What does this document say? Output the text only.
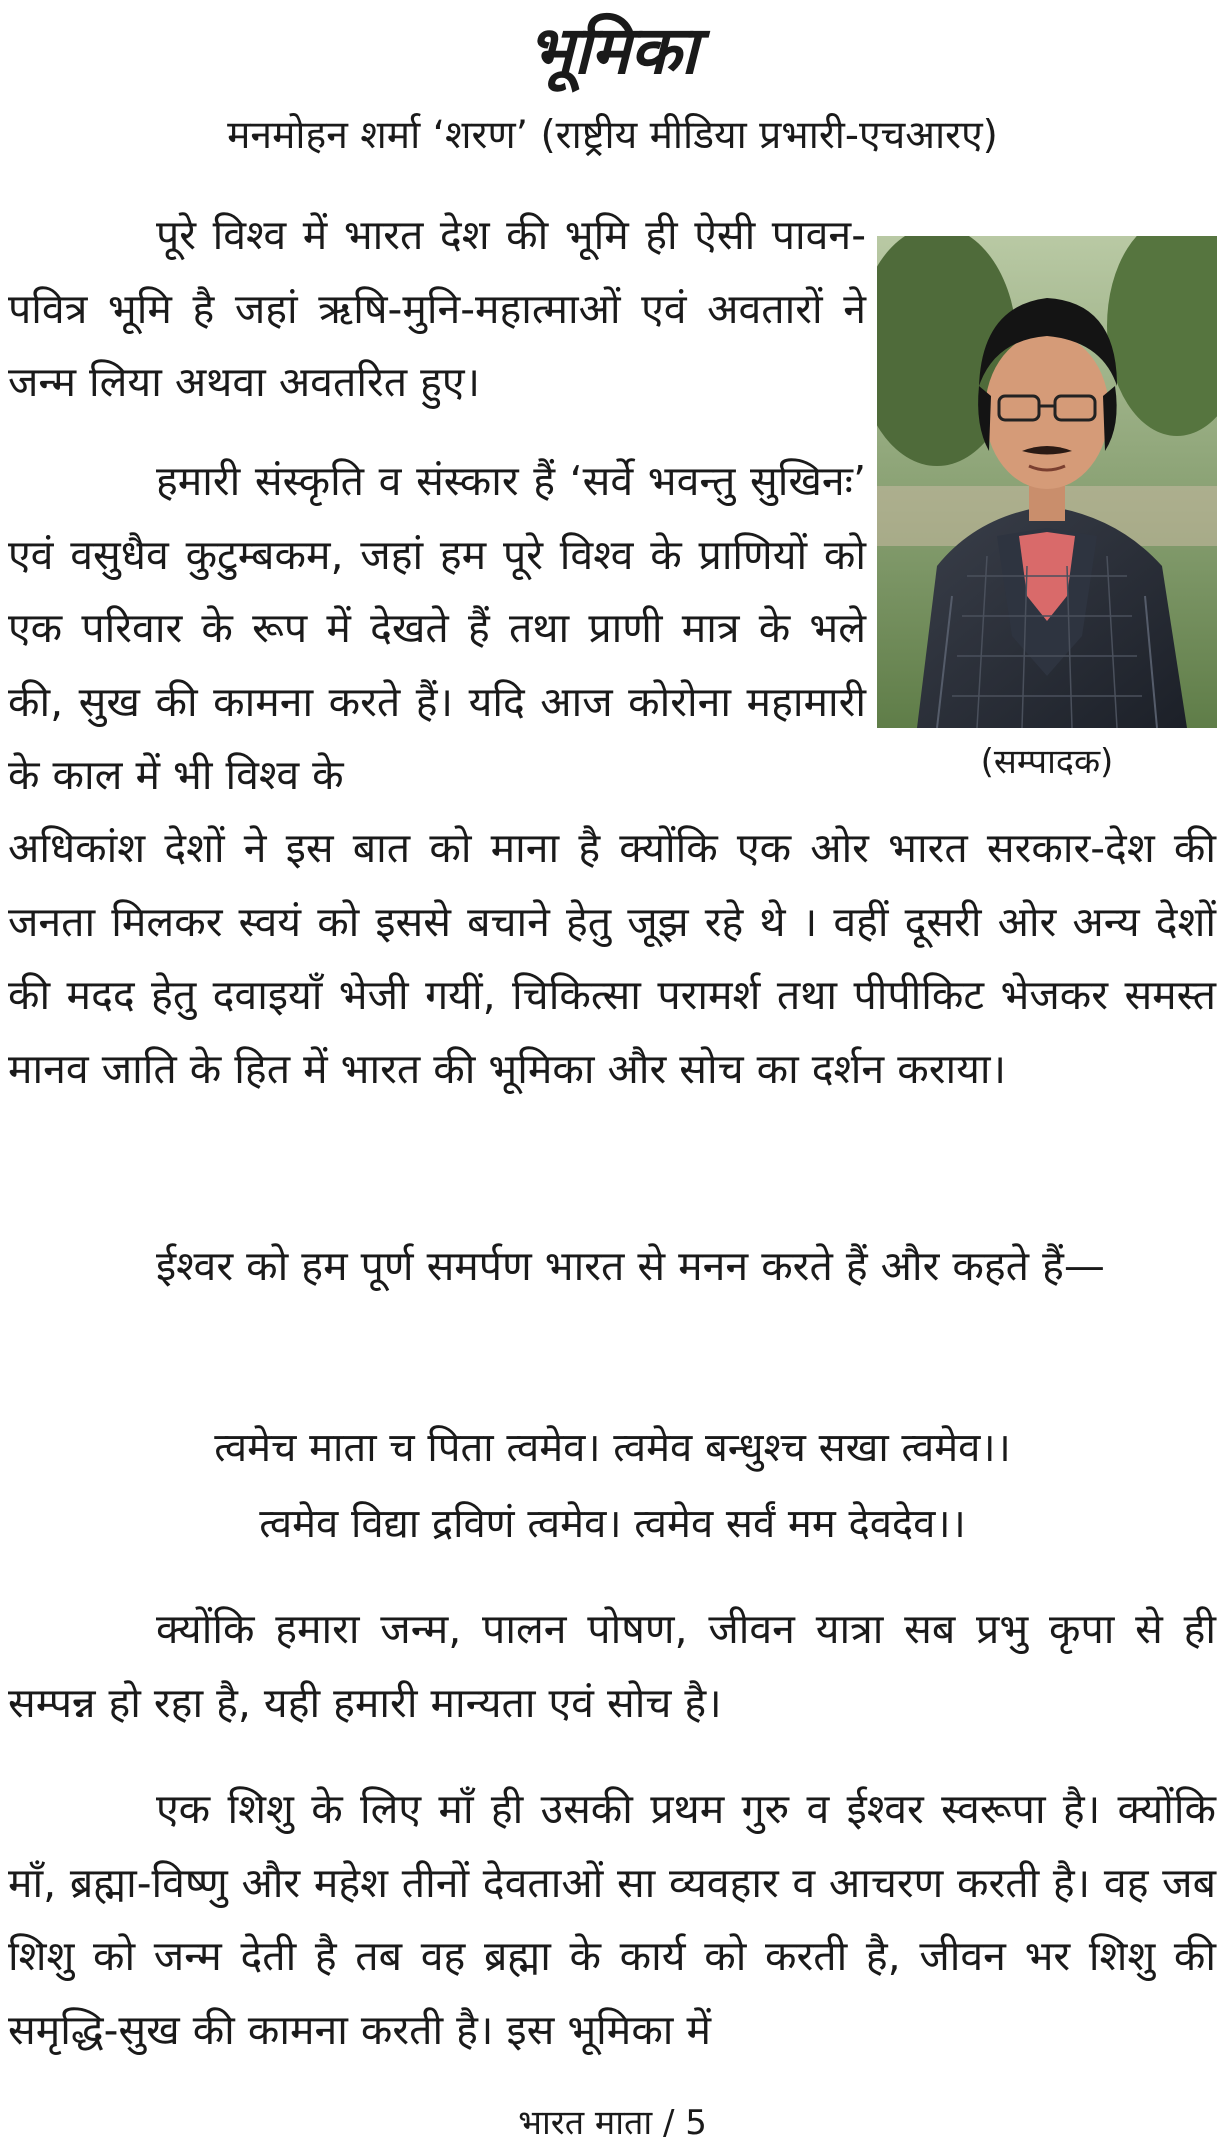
भूमिका

मनमोहन शर्मा ‘शरण’ (राष्ट्रीय मीडिया प्रभारी-एचआरए)

पूरे विश्व में भारत देश की भूमि ही ऐसी पावन-पवित्र भूमि है जहां ऋषि-मुनि-महात्माओं एवं अवतारों ने जन्म लिया अथवा अवतरित हुए।

हमारी संस्कृति व संस्कार हैं ‘सर्वे भवन्तु सुखिनः’ एवं वसुधैव कुटुम्बकम, जहां हम पूरे विश्व के प्राणियों को एक परिवार के रूप में देखते हैं तथा प्राणी मात्र के भले की, सुख की कामना करते हैं। यदि आज कोरोना महामारी के काल में भी विश्व के

अधिकांश देशों ने इस बात को माना है क्योंकि एक ओर भारत सरकार-देश की जनता मिलकर स्वयं को इससे बचाने हेतु जूझ रहे थे । वहीं दूसरी ओर अन्य देशों की मदद हेतु दवाइयाँ भेजी गयीं, चिकित्सा परामर्श तथा पीपीकिट भेजकर समस्त मानव जाति के हित में भारत की भूमिका और सोच का दर्शन कराया।

(सम्पादक)

ईश्वर को हम पूर्ण समर्पण भारत से मनन करते हैं और कहते हैं—

त्वमेच माता च पिता त्वमेव। त्वमेव बन्धुश्च सखा त्वमेव।।

त्वमेव विद्या द्रविणं त्वमेव। त्वमेव सर्वं मम देवदेव।।

क्योंकि हमारा जन्म, पालन पोषण, जीवन यात्रा सब प्रभु कृपा से ही सम्पन्न हो रहा है, यही हमारी मान्यता एवं सोच है।

एक शिशु के लिए माँ ही उसकी प्रथम गुरु व ईश्वर स्वरूपा है। क्योंकि माँ, ब्रह्मा-विष्णु और महेश तीनों देवताओं सा व्यवहार व आचरण करती है। वह जब शिशु को जन्म देती है तब वह ब्रह्मा के कार्य को करती है, जीवन भर शिशु की समृद्धि-सुख की कामना करती है। इस भूमिका में

भारत माता / 5
